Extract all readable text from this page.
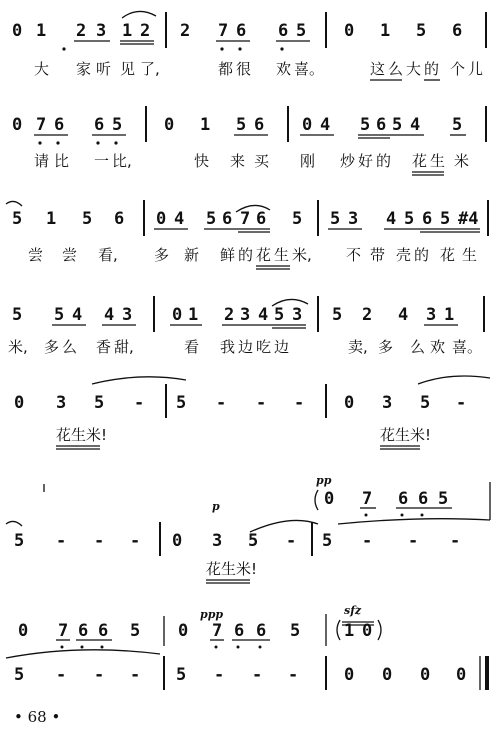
0 1 2 3 1 2 2 7 6 6 5 0 1 5 6
大 家 听 见 了,	都 很 欢 喜。	这 么 大 的 个 儿
0 7 6 6 5 0 1 5 6 0 4 5 6 5 4 5
请 比 一 比,	快 来 买 刚 炒 好 的 花 生 米
5 1 5 6 0 4 5 6 7 6 5 5 3 4 5 6 5 #4
尝 尝 看, 多 新 鲜 的 花 生 米, 不 带 壳 的 花 生
5 5 4 4 3 0 1 2 3 4 5 3 5 2 4 3 1
米, 多 么 香 甜,	看 我 边 吃 边	卖, 多 么 欢 喜。
0 3 5 - 5 - - - 0 3 5 -
花生米!	花生米!
pp
p	0 7 6 6 5
5 - - - 0 3 5 - 5 - - -
花生米!
ppp	sfz
0 7 6 6 5 0 7 6 6 5	1 0
5 - - - 5 - - -	0 0 0 0
• 68 •
